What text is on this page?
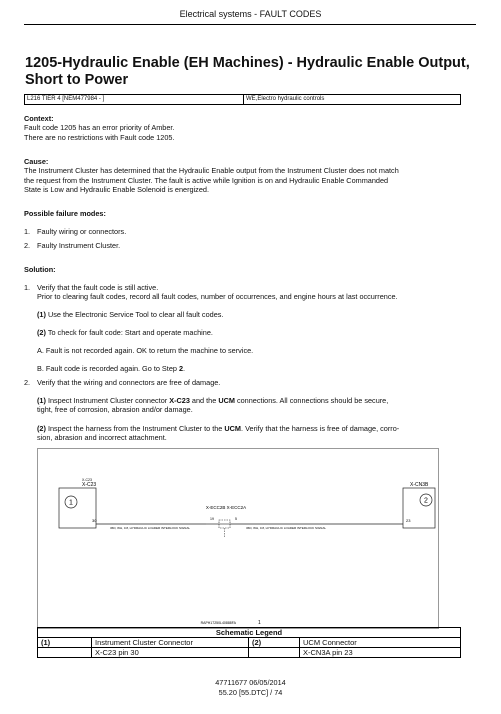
Electrical systems - FAULT CODES
1205-Hydraulic Enable (EH Machines) - Hydraulic Enable Output,
Short to Power
L216 TIER 4 [NEM477984 - ]	WE,Electro hydraulic controls
Context:
Fault code 1205 has an error priority of Amber.
There are no restrictions with Fault code 1205.
Cause:
The Instrument Cluster has determined that the Hydraulic Enable output from the Instrument Cluster does not match
the request from the Instrument Cluster. The fault is active while Ignition is on and Hydraulic Enable Commanded
State is Low and Hydraulic Enable Solenoid is energized.
Possible failure modes:
1. Faulty wiring or connectors.
2. Faulty Instrument Cluster.
Solution:
1. Verify that the fault code is still active.
Prior to clearing fault codes, record all fault codes, number of occurrences, and engine hours at last occurrence.
(1) Use the Electronic Service Tool to clear all fault codes.
(2) To check for fault code: Start and operate machine.
A. Fault is not recorded again. OK to return the machine to service.
B. Fault code is recorded again. Go to Step 2.
2. Verify that the wiring and connectors are free of damage.
(1) Inspect Instrument Cluster connector X-C23 and the UCM connections. All connections should be secure,
tight, free of corrosion, abrasion and/or damage.
(2) Inspect the harness from the Instrument Cluster to the UCM. Verify that the harness is free of damage, corro-
sion, abrasion and incorrect attachment.
X-C23
X-C23
1
30
36D, WH, 0.8, HYDRAULIC LOADER INTERLOCK SIGNAL
X-ECC2B X-ECC2A
19	5
36D, WH, 0.8, HYDRAULIC LOADER INTERLOCK SIGNAL
X-CN3B
2
23
RAPH17250L40888FA	1
Schematic Legend			
(1)	Instrument Cluster Connector	(2)	UCM Connector
	X-C23 pin 30		X-CN3A pin 23
47711677 06/05/2014
55.20 [55.DTC] / 74
